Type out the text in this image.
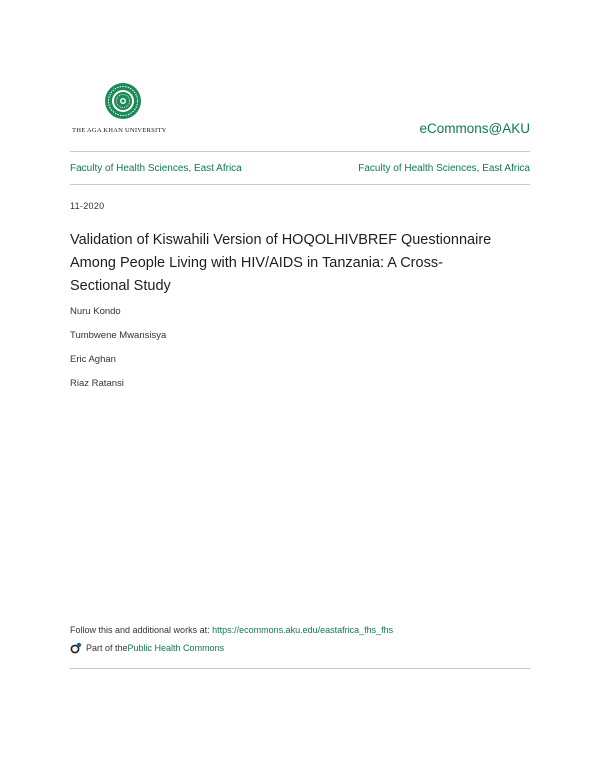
THE AGA KHAN UNIVERSITY	eCommons@AKU
Faculty of Health Sciences, East Africa	Faculty of Health Sciences, East Africa
11-2020
Validation of Kiswahili Version of HOQOLHIVBREF Questionnaire
Among People Living with HIV/AIDS in Tanzania: A Cross-
Sectional Study
Nuru Kondo
Tumbwene Mwansisya
Eric Aghan
Riaz Ratansi
Follow this and additional works at: https://ecommons.aku.edu/eastafrica_fhs_fhs
Part of the Public Health Commons
